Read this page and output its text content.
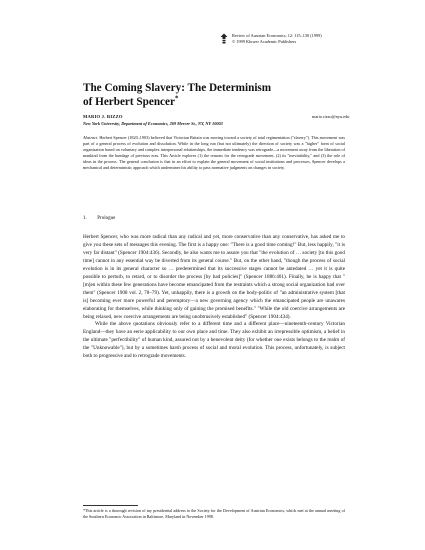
Review of Austrian Economics, 12: 115–130 (1999)
© 1999 Kluwer Academic Publishers
The Coming Slavery: The Determinism
of Herbert Spencer*
MARIO J. RIZZO	mario.rizzo@nyu.edu
New York University, Department of Economics, 269 Mercer St., NY, NY 10003
Abstract. Herbert Spencer (1820–1903) believed that Victorian Britain was moving toward a society of total regimentation ("slavery"). This movement was part of a general process of evolution and dissolution. While in the long run (but not ultimately) the direction of society was a "higher" form of social organization based on voluntary and complex interpersonal relationships, the immediate tendency was retrograde—a movement away from the liberation of mankind from the bondage of previous eras. This Article explores (1) the reasons for the retrograde movement, (2) its "inevitability," and (3) the role of ideas in the process. The general conclusion is that in an effort to explain the general movement of social institutions and processes, Spencer develops a mechanical and deterministic approach which undermines his ability to pass normative judgments on changes in society.
1. Prologue

Herbert Spencer, who was more radical than any radical and yet, more conservative than any conservative, has asked me to give you these sets of messages this evening. The first is a happy one: "There is a good time coming!" But, less happily, "it is very far distant" (Spencer 1904:436). Secondly, he also wants me to assure you that "the evolution of … society [to this good time] cannot in any essential way be diverted from its general course." But, on the other hand, "though the process of social evolution is in its general character so … predetermined that its successive stages cannot be antedated … yet it is quite possible to perturb, to retard, or to disorder the process [by bad policies]" (Spencer 1886:401). Finally, he is happy that "[m]en within these few generations have become emancipated from the restraints which a strong social organization had over them" (Spencer 1908 vol. 2, 78–79). Yet, unhappily, there is a growth on the body-politic of "an administrative system [that is] becoming ever more powerful and peremptory—a new governing agency which the emancipated people are unawares elaborating for themselves, while thinking only of gaining the promised benefits." "While the old coercive arrangements are being relaxed, new coercive arrangements are being unobtrusively established" (Spencer 1904:434).

While the above quotations obviously refer to a different time and a different place—nineteenth-century Victorian England—they have an eerie applicability to our own place and time. They also exhibit an irrepressible optimism, a belief in the ultimate "perfectibility" of human kind, assured not by a benevolent deity (for whether one exists belongs to the realm of the "Unknowable"), but by a sometimes harsh process of social and moral evolution. This process, unfortunately, is subject both to progressive and to retrograde movements.

*This article is a thorough revision of my presidential address to the Society for the Development of Austrian Economics, which met at the annual meeting of the Southern Economic Association in Baltimore, Maryland in November 1998.
